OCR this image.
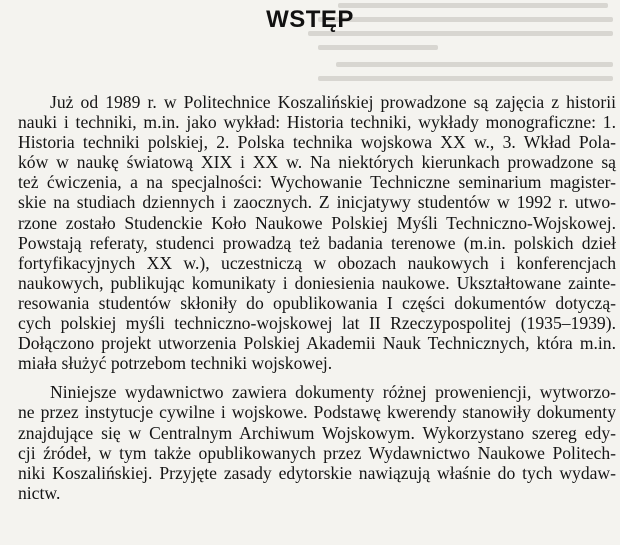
WSTĘP
Już od 1989 r. w Politechnice Koszalińskiej prowadzone są zajęcia z historii
nauki i techniki, m.in. jako wykład: Historia techniki, wykłady monograficzne: 1.
Historia techniki polskiej, 2. Polska technika wojskowa XX w., 3. Wkład Pola-
ków w naukę światową XIX i XX w. Na niektórych kierunkach prowadzone są
też ćwiczenia, a na specjalności: Wychowanie Techniczne seminarium magister-
skie na studiach dziennych i zaocznych. Z inicjatywy studentów w 1992 r. utwo-
rzone zostało Studenckie Koło Naukowe Polskiej Myśli Techniczno-Wojskowej.
Powstają referaty, studenci prowadzą też badania terenowe (m.in. polskich dzieł
fortyfikacyjnych XX w.), uczestniczą w obozach naukowych i konferencjach
naukowych, publikując komunikaty i doniesienia naukowe. Ukształtowane zainte-
resowania studentów skłoniły do opublikowania I części dokumentów dotyczą-
cych polskiej myśli techniczno-wojskowej lat II Rzeczypospolitej (1935–1939).
Dołączono projekt utworzenia Polskiej Akademii Nauk Technicznych, która m.in.
miała służyć potrzebom techniki wojskowej.
Niniejsze wydawnictwo zawiera dokumenty różnej proweniencji, wytworzo-
ne przez instytucje cywilne i wojskowe. Podstawę kwerendy stanowiły dokumenty
znajdujące się w Centralnym Archiwum Wojskowym. Wykorzystano szereg edy-
cji źródeł, w tym także opublikowanych przez Wydawnictwo Naukowe Politech-
niki Koszalińskiej. Przyjęte zasady edytorskie nawiązują właśnie do tych wydaw-
nictw.
